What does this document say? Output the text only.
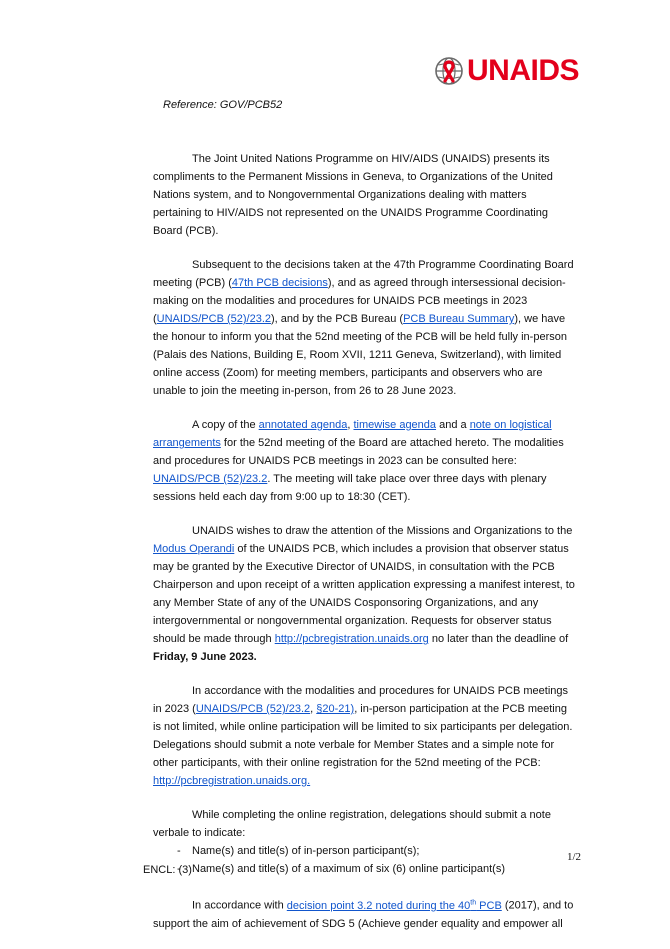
UNAIDS
Reference: GOV/PCB52

The Joint United Nations Programme on HIV/AIDS (UNAIDS) presents its compliments to the Permanent Missions in Geneva, to Organizations of the United Nations system, and to Nongovernmental Organizations dealing with matters pertaining to HIV/AIDS not represented on the UNAIDS Programme Coordinating Board (PCB).

Subsequent to the decisions taken at the 47th Programme Coordinating Board meeting (PCB) (47th PCB decisions), and as agreed through intersessional decision-making on the modalities and procedures for UNAIDS PCB meetings in 2023 (UNAIDS/PCB (52)/23.2), and by the PCB Bureau (PCB Bureau Summary), we have the honour to inform you that the 52nd meeting of the PCB will be held fully in-person (Palais des Nations, Building E, Room XVII, 1211 Geneva, Switzerland), with limited online access (Zoom) for meeting members, participants and observers who are unable to join the meeting in-person, from 26 to 28 June 2023.

A copy of the annotated agenda, timewise agenda and a note on logistical arrangements for the 52nd meeting of the Board are attached hereto. The modalities and procedures for UNAIDS PCB meetings in 2023 can be consulted here: UNAIDS/PCB (52)/23.2. The meeting will take place over three days with plenary sessions held each day from 9:00 up to 18:30 (CET).

UNAIDS wishes to draw the attention of the Missions and Organizations to the Modus Operandi of the UNAIDS PCB, which includes a provision that observer status may be granted by the Executive Director of UNAIDS, in consultation with the PCB Chairperson and upon receipt of a written application expressing a manifest interest, to any Member State of any of the UNAIDS Cosponsoring Organizations, and any intergovernmental or nongovernmental organization. Requests for observer status should be made through http://pcbregistration.unaids.org no later than the deadline of Friday, 9 June 2023.

In accordance with the modalities and procedures for UNAIDS PCB meetings in 2023 (UNAIDS/PCB (52)/23.2, §20-21), in-person participation at the PCB meeting is not limited, while online participation will be limited to six participants per delegation. Delegations should submit a note verbale for Member States and a simple note for other participants, with their online registration for the 52nd meeting of the PCB: http://pcbregistration.unaids.org.

While completing the online registration, delegations should submit a note verbale to indicate:

- Name(s) and title(s) of in-person participant(s);
- Name(s) and title(s) of a maximum of six (6) online participant(s)

In accordance with decision point 3.2 noted during the 40th PCB (2017), and to support the aim of achievement of SDG 5 (Achieve gender equality and empower all

1/2
ENCL: (3)
